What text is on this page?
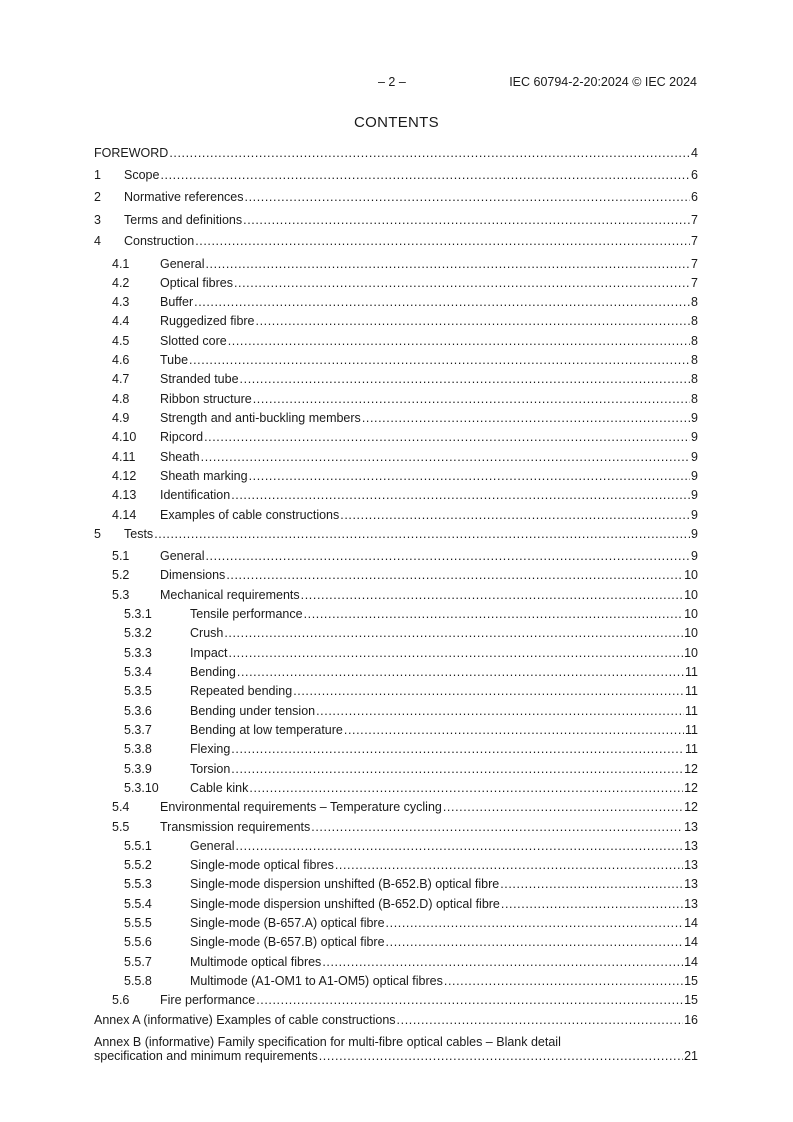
– 2 –	IEC 60794-2-20:2024 © IEC 2024
CONTENTS
FOREWORD .....	4
1	Scope .....	6
2	Normative references .....	6
3	Terms and definitions .....	7
4	Construction .....	7
4.1	General .....	7
4.2	Optical fibres .....	7
4.3	Buffer .....	8
4.4	Ruggedized fibre .....	8
4.5	Slotted core .....	8
4.6	Tube .....	8
4.7	Stranded tube .....	8
4.8	Ribbon structure .....	8
4.9	Strength and anti-buckling members .....	9
4.10	Ripcord .....	9
4.11	Sheath .....	9
4.12	Sheath marking .....	9
4.13	Identification .....	9
4.14	Examples of cable constructions .....	9
5	Tests .....	9
5.1	General .....	9
5.2	Dimensions .....	10
5.3	Mechanical requirements .....	10
5.3.1	Tensile performance .....	10
5.3.2	Crush .....	10
5.3.3	Impact .....	10
5.3.4	Bending .....	11
5.3.5	Repeated bending .....	11
5.3.6	Bending under tension .....	11
5.3.7	Bending at low temperature .....	11
5.3.8	Flexing .....	11
5.3.9	Torsion .....	12
5.3.10	Cable kink .....	12
5.4	Environmental requirements – Temperature cycling .....	12
5.5	Transmission requirements .....	13
5.5.1	General .....	13
5.5.2	Single-mode optical fibres .....	13
5.5.3	Single-mode dispersion unshifted (B-652.B) optical fibre .....	13
5.5.4	Single-mode dispersion unshifted (B-652.D) optical fibre .....	13
5.5.5	Single-mode (B-657.A) optical fibre .....	14
5.5.6	Single-mode (B-657.B) optical fibre .....	14
5.5.7	Multimode optical fibres .....	14
5.5.8	Multimode (A1-OM1 to A1-OM5) optical fibres .....	15
5.6	Fire performance .....	15
Annex A (informative) Examples of cable constructions .....	16
Annex B (informative) Family specification for multi-fibre optical cables – Blank detail
specification and minimum requirements .....	21
